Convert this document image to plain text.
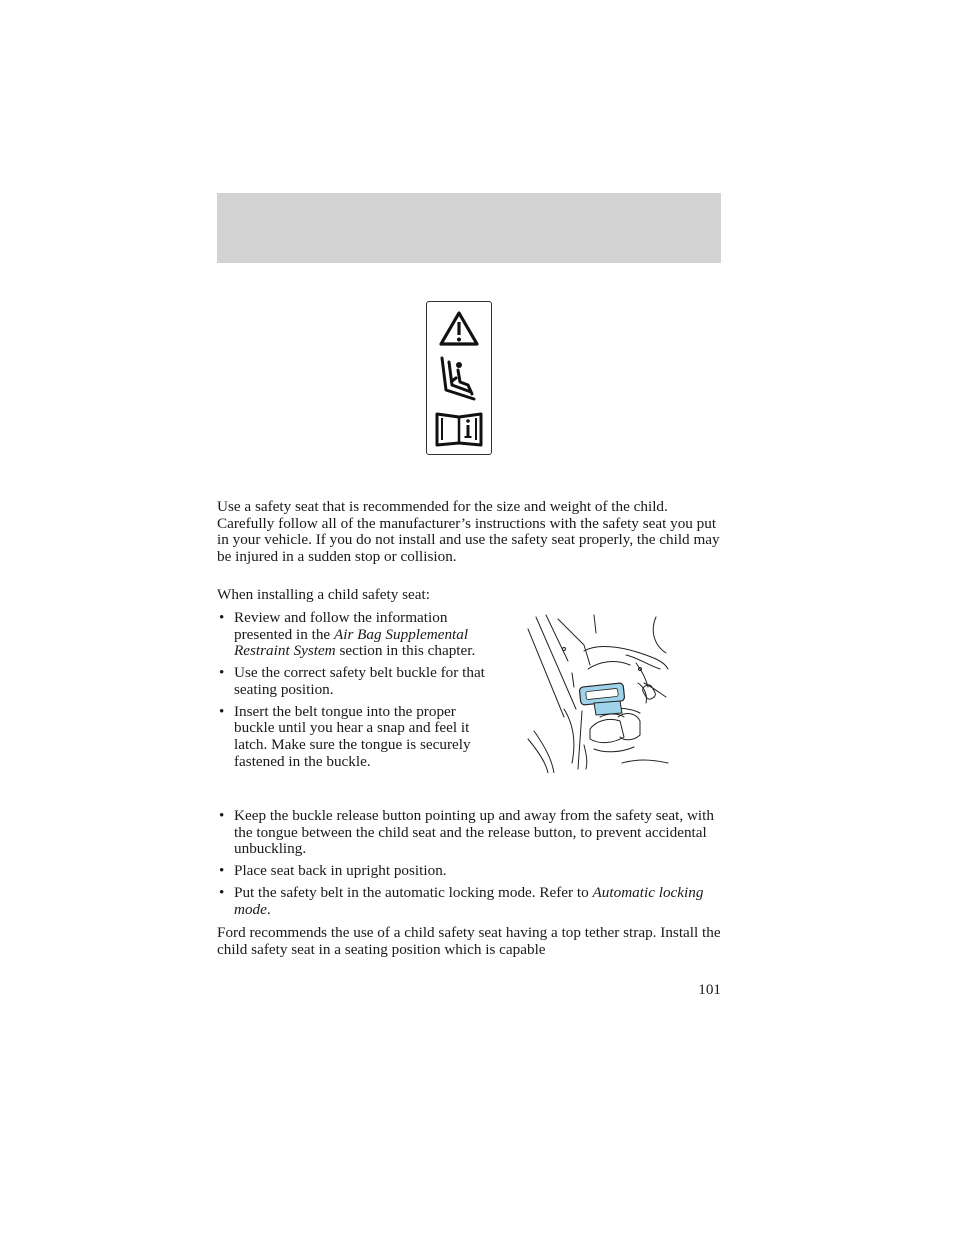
Use a safety seat that is recommended for the size and weight of the child. Carefully follow all of the manufacturer’s instructions with the safety seat you put in your vehicle. If you do not install and use the safety seat properly, the child may be injured in a sudden stop or collision.

When installing a child safety seat:

• Review and follow the information presented in the Air Bag Supplemental Restraint System section in this chapter.
• Use the correct safety belt buckle for that seating position.
• Insert the belt tongue into the proper buckle until you hear a snap and feel it latch. Make sure the tongue is securely fastened in the buckle.
• Keep the buckle release button pointing up and away from the safety seat, with the tongue between the child seat and the release button, to prevent accidental unbuckling.
• Place seat back in upright position.
• Put the safety belt in the automatic locking mode. Refer to Automatic locking mode.

Ford recommends the use of a child safety seat having a top tether strap. Install the child safety seat in a seating position which is capable

101
